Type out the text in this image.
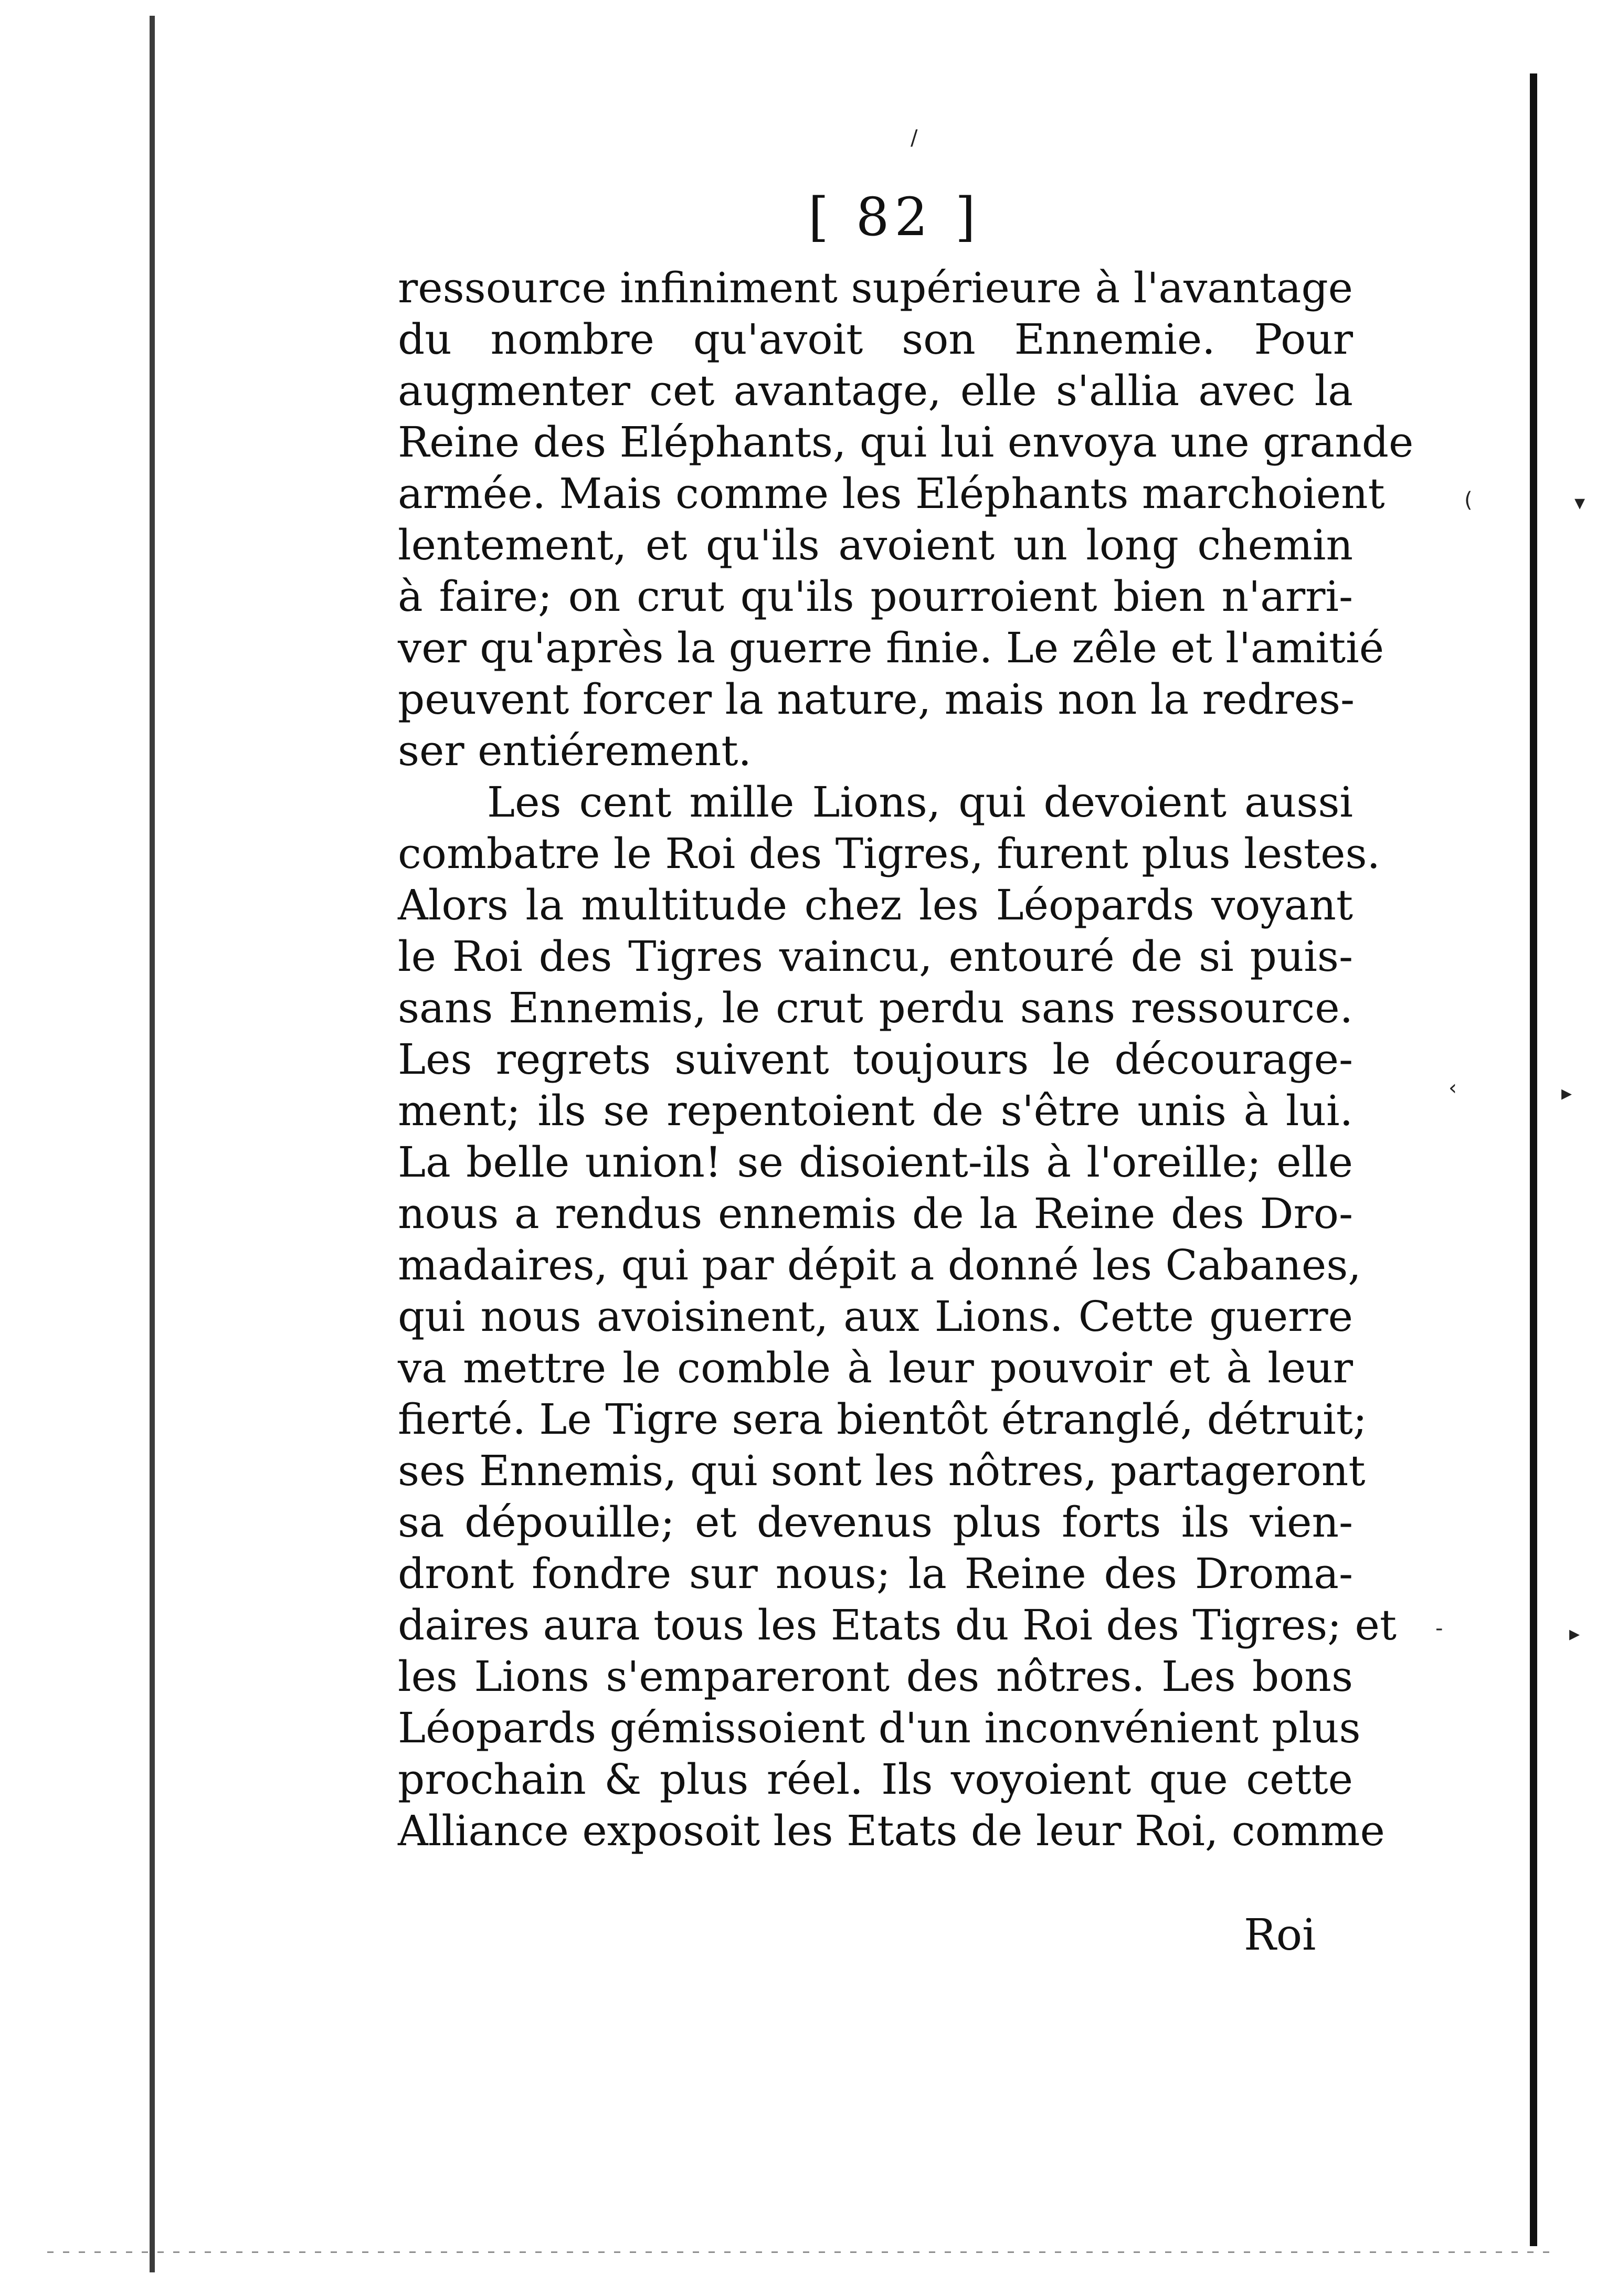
/
(	▾
‹	▸
-	▸
[ 82 ]
ressource infiniment supérieure à l'avantage
du nombre qu'avoit son Ennemie. Pour
augmenter cet avantage, elle s'allia avec la
Reine des Eléphants, qui lui envoya une grande
armée. Mais comme les Eléphants marchoient
lentement, et qu'ils avoient un long chemin
à faire; on crut qu'ils pourroient bien n'arri-
ver qu'après la guerre finie. Le zêle et l'amitié
peuvent forcer la nature, mais non la redres-
ser entiérement.
Les cent mille Lions, qui devoient aussi
combatre le Roi des Tigres, furent plus lestes.
Alors la multitude chez les Léopards voyant
le Roi des Tigres vaincu, entouré de si puis-
sans Ennemis, le crut perdu sans ressource.
Les regrets suivent toujours le décourage-
ment; ils se repentoient de s'être unis à lui.
La belle union! se disoient-ils à l'oreille; elle
nous a rendus ennemis de la Reine des Dro-
madaires, qui par dépit a donné les Cabanes,
qui nous avoisinent, aux Lions. Cette guerre
va mettre le comble à leur pouvoir et à leur
fierté. Le Tigre sera bientôt étranglé, détruit;
ses Ennemis, qui sont les nôtres, partageront
sa dépouille; et devenus plus forts ils vien-
dront fondre sur nous; la Reine des Droma-
daires aura tous les Etats du Roi des Tigres; et
les Lions s'empareront des nôtres. Les bons
Léopards gémissoient d'un inconvénient plus
prochain & plus réel. Ils voyoient que cette
Alliance exposoit les Etats de leur Roi, comme
Roi
